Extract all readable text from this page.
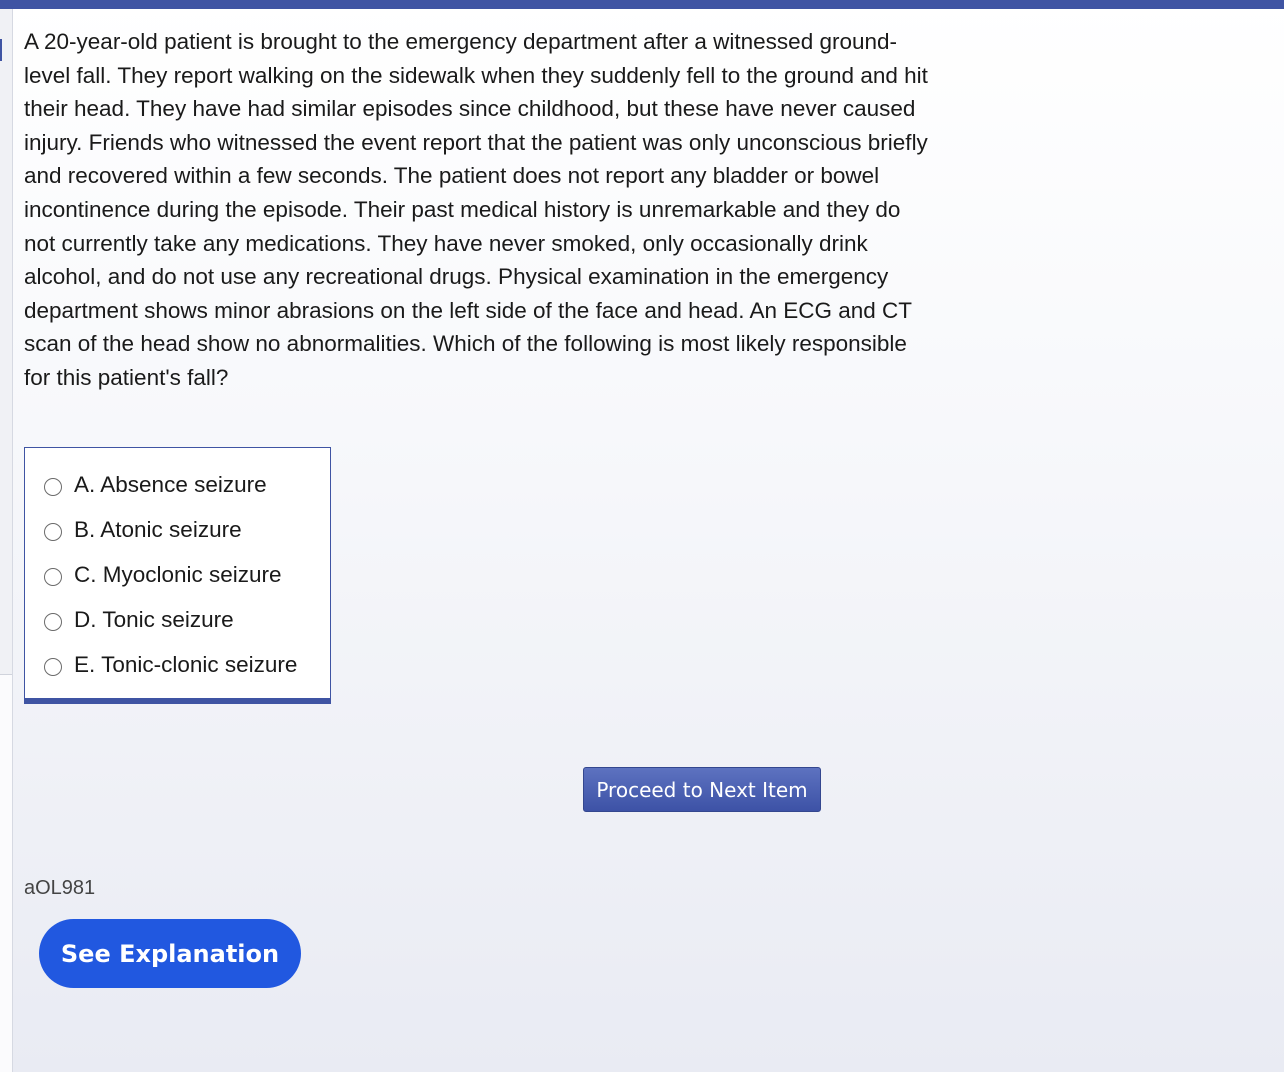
A 20-year-old patient is brought to the emergency department after a witnessed ground-
level fall. They report walking on the sidewalk when they suddenly fell to the ground and hit
their head. They have had similar episodes since childhood, but these have never caused
injury. Friends who witnessed the event report that the patient was only unconscious briefly
and recovered within a few seconds. The patient does not report any bladder or bowel
incontinence during the episode. Their past medical history is unremarkable and they do
not currently take any medications. They have never smoked, only occasionally drink
alcohol, and do not use any recreational drugs. Physical examination in the emergency
department shows minor abrasions on the left side of the face and head. An ECG and CT
scan of the head show no abnormalities. Which of the following is most likely responsible
for this patient's fall?

A. Absence seizure
B. Atonic seizure
C. Myoclonic seizure
D. Tonic seizure
E. Tonic-clonic seizure
Proceed to Next Item
aOL981
See Explanation
